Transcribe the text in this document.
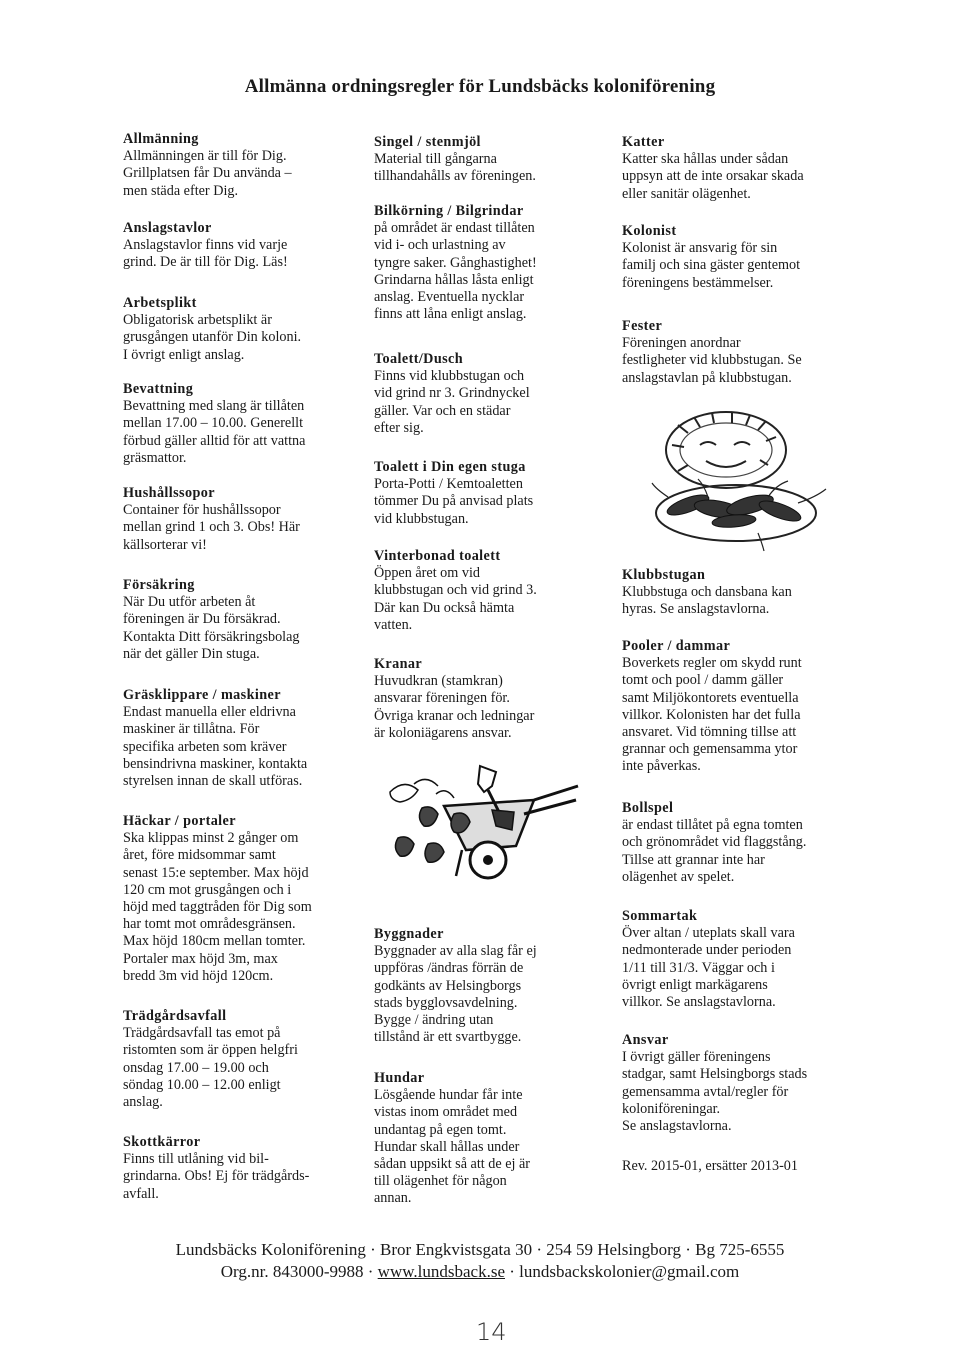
Allmänna ordningsregler för Lundsbäcks koloniförening
Allmänning
Allmänningen är till för Dig.
Grillplatsen får Du använda –
men städa efter Dig.
Anslagstavlor
Anslagstavlor finns vid varje
grind. De är till för Dig. Läs!
Arbetsplikt
Obligatorisk arbetsplikt är
grusgången utanför Din koloni.
I övrigt enligt anslag.
Bevattning
Bevattning med slang är tillåten
mellan 17.00 – 10.00. Generellt
förbud gäller alltid för att vattna
gräsmattor.
Hushållssopor
Container för hushållssopor
mellan grind 1 och 3. Obs! Här
källsorterar vi!
Försäkring
När Du utför arbeten åt
föreningen är Du försäkrad.
Kontakta Ditt försäkringsbolag
när det gäller Din stuga.
Gräsklippare / maskiner
Endast manuella eller eldrivna
maskiner är tillåtna. För
specifika arbeten som kräver
bensindrivna maskiner, kontakta
styrelsen innan de skall utföras.
Häckar / portaler
Ska klippas minst 2 gånger om
året, före midsommar samt
senast 15:e september. Max höjd
120 cm mot grusgången och i
höjd med taggtråden för Dig som
har tomt mot områdesgränsen.
Max höjd 180cm mellan tomter.
Portaler max höjd 3m, max
bredd 3m vid höjd 120cm.
Trädgårdsavfall
Trädgårdsavfall tas emot på
ristomten som är öppen helgfri
onsdag 17.00 – 19.00 och
söndag 10.00 – 12.00 enligt
anslag.
Skottkärror
Finns till utlåning vid bil-
grindarna. Obs! Ej för trädgårds-
avfall.
Singel / stenmjöl
Material till gångarna
tillhandahålls av föreningen.
Bilkörning / Bilgrindar
på området är endast tillåten
vid i- och urlastning av
tyngre saker. Gånghastighet!
Grindarna hållas låsta enligt
anslag. Eventuella nycklar
finns att låna enligt anslag.
Toalett/Dusch
Finns vid klubbstugan och
vid grind nr 3. Grindnyckel
gäller. Var och en städar
efter sig.
Toalett i Din egen stuga
Porta-Potti / Kemtoaletten
tömmer Du på anvisad plats
vid klubbstugan.
Vinterbonad toalett
Öppen året om vid
klubbstugan och vid grind 3.
Där kan Du också hämta
vatten.
Kranar
Huvudkran (stamkran)
ansvarar föreningen för.
Övriga kranar och ledningar
är koloniägarens ansvar.
Byggnader
Byggnader av alla slag får ej
uppföras /ändras förrän de
godkänts av Helsingborgs
stads bygglovsavdelning.
Bygge / ändring utan
tillstånd är ett svartbygge.
Hundar
Lösgående hundar får inte
vistas inom området med
undantag på egen tomt.
Hundar skall hållas under
sådan uppsikt så att de ej är
till olägenhet för någon
annan.
Katter
Katter ska hållas under sådan
uppsyn att de inte orsakar skada
eller sanitär olägenhet.
Kolonist
Kolonist är ansvarig för sin
familj och sina gäster gentemot
föreningens bestämmelser.
Fester
Föreningen anordnar
festligheter vid klubbstugan. Se
anslagstavlan på klubbstugan.
Klubbstugan
Klubbstuga och dansbana kan
hyras. Se anslagstavlorna.
Pooler / dammar
Boverkets regler om skydd runt
tomt och pool / damm gäller
samt Miljökontorets eventuella
villkor. Kolonisten har det fulla
ansvaret. Vid tömning tillse att
grannar och gemensamma ytor
inte påverkas.
Bollspel
är endast tillåtet på egna tomten
och grönområdet vid flaggstång.
Tillse att grannar inte har
olägenhet av spelet.
Sommartak
Över altan / uteplats skall vara
nedmonterade under perioden
1/11 till 31/3. Väggar och i
övrigt enligt markägarens
villkor. Se anslagstavlorna.
Ansvar
I övrigt gäller föreningens
stadgar, samt Helsingborgs stads
gemensamma avtal/regler för
koloniföreningar.
Se anslagstavlorna.
Rev. 2015-01, ersätter 2013-01
Lundsbäcks Koloniförening · Bror Engkvistsgata 30 · 254 59 Helsingborg · Bg 725-6555
Org.nr. 843000-9988 · www.lundsback.se · lundsbackskolonier@gmail.com
14
